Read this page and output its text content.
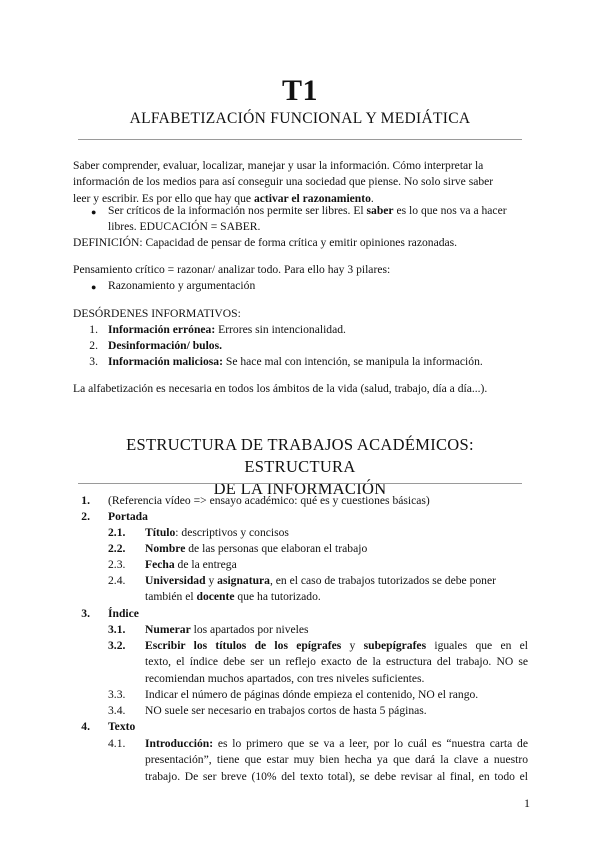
T1
ALFABETIZACIÓN FUNCIONAL Y MEDIÁTICA
Saber comprender, evaluar, localizar, manejar y usar la información. Cómo interpretar la
información de los medios para así conseguir una sociedad que piense. No solo sirve saber
leer y escribir. Es por ello que hay que activar el razonamiento.
● Ser críticos de la información nos permite ser libres. El saber es lo que nos va a hacer
libres. EDUCACIÓN = SABER.
DEFINICIÓN: Capacidad de pensar de forma crítica y emitir opiniones razonadas.
Pensamiento crítico = razonar/ analizar todo. Para ello hay 3 pilares:
● Razonamiento y argumentación
DESÓRDENES INFORMATIVOS:
1. Información errónea: Errores sin intencionalidad.
2. Desinformación/ bulos.
3. Información maliciosa: Se hace mal con intención, se manipula la información.
La alfabetización es necesaria en todos los ámbitos de la vida (salud, trabajo, día a día...).
ESTRUCTURA DE TRABAJOS ACADÉMICOS: ESTRUCTURA
DE LA INFORMACIÓN
1. (Referencia vídeo => ensayo académico: qué es y cuestiones básicas)
2. Portada
2.1. Título: descriptivos y concisos
2.2. Nombre de las personas que elaboran el trabajo
2.3. Fecha de la entrega
2.4. Universidad y asignatura, en el caso de trabajos tutorizados se debe poner
también el docente que ha tutorizado.
3. Índice
3.1. Numerar los apartados por niveles
3.2. Escribir los títulos de los epígrafes y subepígrafes iguales que en el
texto, el índice debe ser un reflejo exacto de la estructura del trabajo. NO se
recomiendan muchos apartados, con tres niveles suficientes.
3.3. Indicar el número de páginas dónde empieza el contenido, NO el rango.
3.4. NO suele ser necesario en trabajos cortos de hasta 5 páginas.
4. Texto
4.1. Introducción: es lo primero que se va a leer, por lo cuál es “nuestra carta de
presentación”, tiene que estar muy bien hecha ya que dará la clave a nuestro
trabajo. De ser breve (10% del texto total), se debe revisar al final, en todo el
1
